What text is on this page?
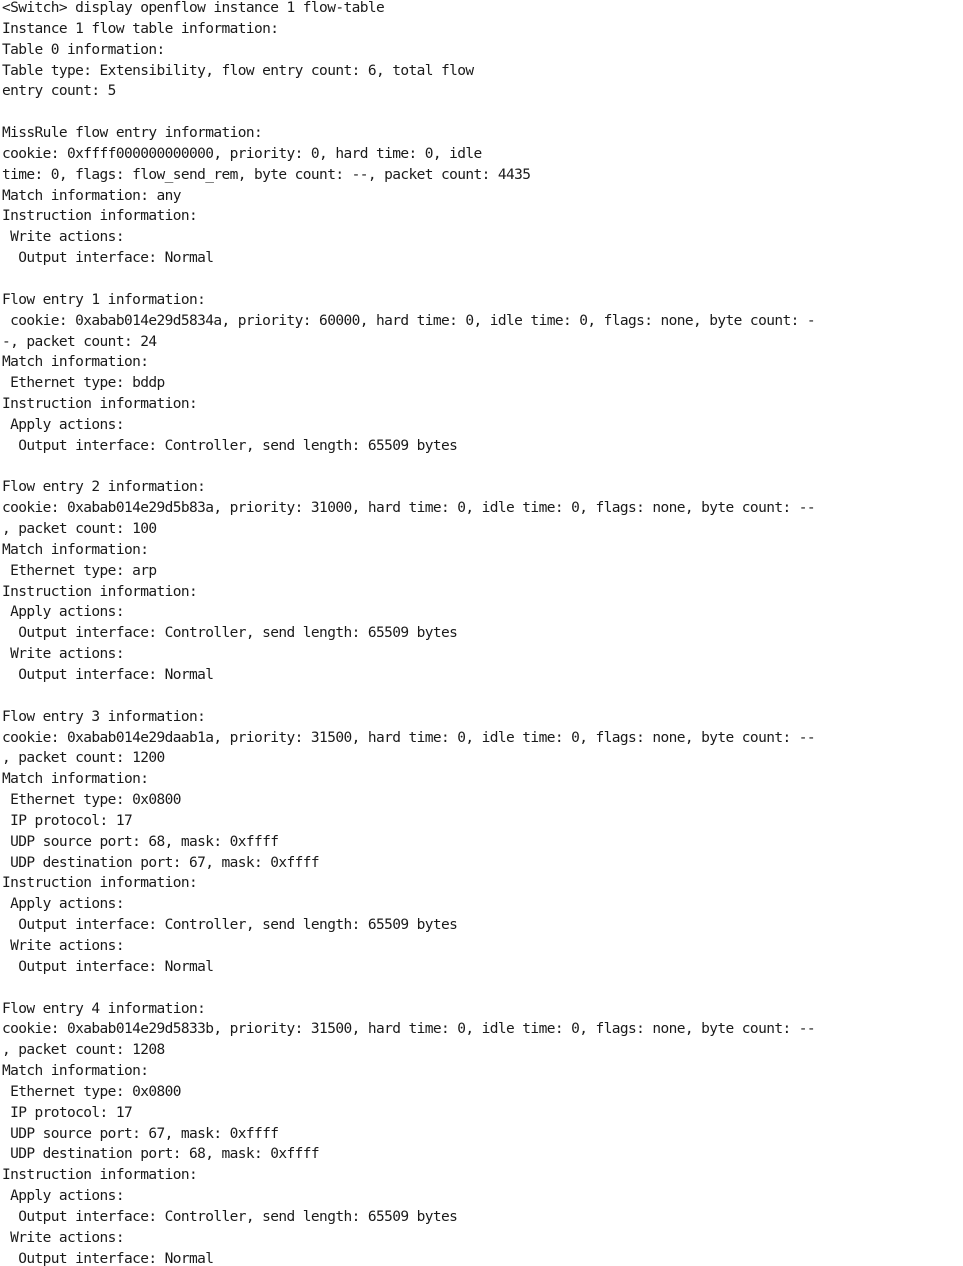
<Switch> display openflow instance 1 flow-table
Instance 1 flow table information:
Table 0 information:
Table type: Extensibility, flow entry count: 6, total flow
entry count: 5
MissRule flow entry information:
cookie: 0xffff000000000000, priority: 0, hard time: 0, idle
time: 0, flags: flow_send_rem, byte count: --, packet count: 4435
Match information: any
Instruction information:
Write actions:
Output interface: Normal
Flow entry 1 information:
cookie: 0xabab014e29d5834a, priority: 60000, hard time: 0, idle time: 0, flags: none, byte count: -
-, packet count: 24
Match information:
Ethernet type: bddp
Instruction information:
Apply actions:
Output interface: Controller, send length: 65509 bytes
Flow entry 2 information:
cookie: 0xabab014e29d5b83a, priority: 31000, hard time: 0, idle time: 0, flags: none, byte count: --
, packet count: 100
Match information:
Ethernet type: arp
Instruction information:
Apply actions:
Output interface: Controller, send length: 65509 bytes
Write actions:
Output interface: Normal
Flow entry 3 information:
cookie: 0xabab014e29daab1a, priority: 31500, hard time: 0, idle time: 0, flags: none, byte count: --
, packet count: 1200
Match information:
Ethernet type: 0x0800
IP protocol: 17
UDP source port: 68, mask: 0xffff
UDP destination port: 67, mask: 0xffff
Instruction information:
Apply actions:
Output interface: Controller, send length: 65509 bytes
Write actions:
Output interface: Normal
Flow entry 4 information:
cookie: 0xabab014e29d5833b, priority: 31500, hard time: 0, idle time: 0, flags: none, byte count: --
, packet count: 1208
Match information:
Ethernet type: 0x0800
IP protocol: 17
UDP source port: 67, mask: 0xffff
UDP destination port: 68, mask: 0xffff
Instruction information:
Apply actions:
Output interface: Controller, send length: 65509 bytes
Write actions:
Output interface: Normal
